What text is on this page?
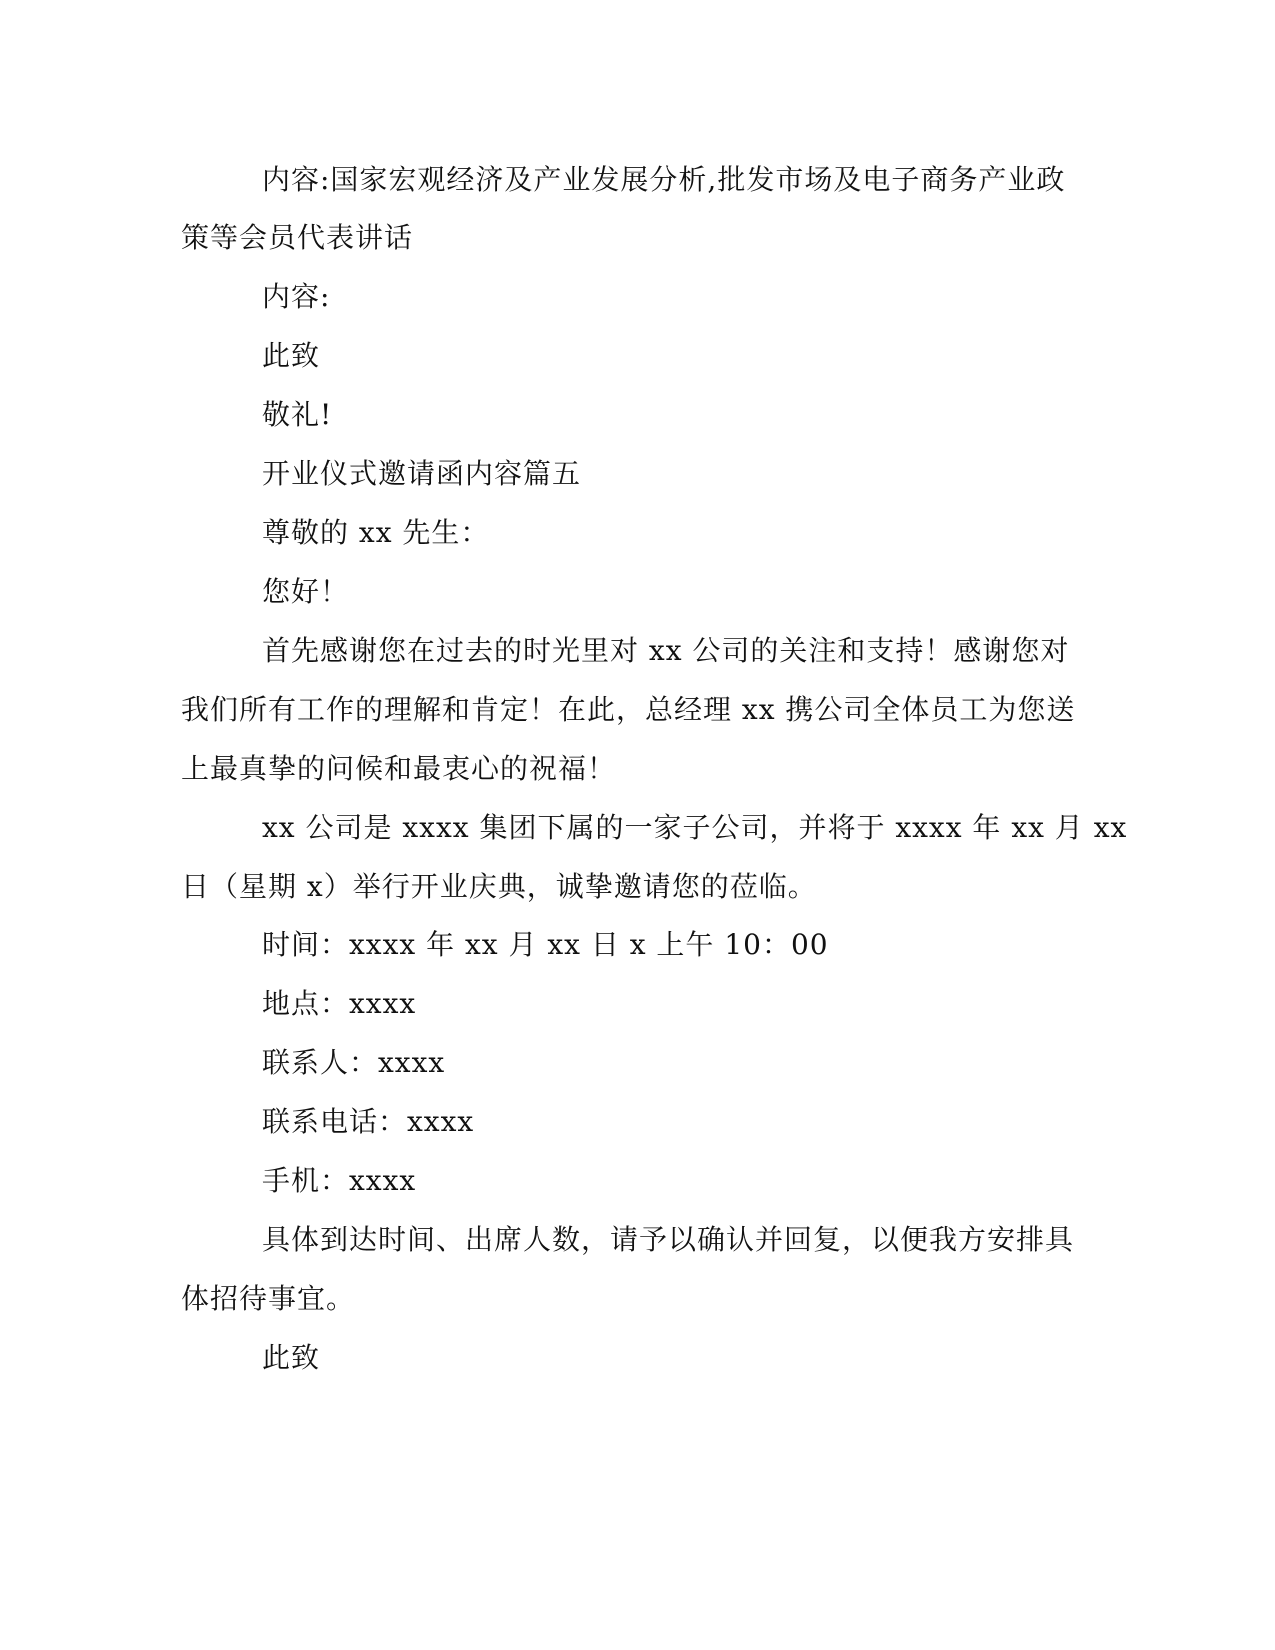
内容:国家宏观经济及产业发展分析,批发市场及电子商务产业政
策等会员代表讲话
内容:
此致
敬礼!
开业仪式邀请函内容篇五
尊敬的 xx 先生：
您好！
首先感谢您在过去的时光里对 xx 公司的关注和支持！感谢您对
我们所有工作的理解和肯定！在此，总经理 xx 携公司全体员工为您送
上最真挚的问候和最衷心的祝福！
xx 公司是 xxxx 集团下属的一家子公司，并将于 xxxx 年 xx 月 xx
日（星期 x）举行开业庆典，诚挚邀请您的莅临。
时间：xxxx 年 xx 月 xx 日 x 上午 10：00
地点：xxxx
联系人：xxxx
联系电话：xxxx
手机：xxxx
具体到达时间、出席人数，请予以确认并回复，以便我方安排具
体招待事宜。
此致
